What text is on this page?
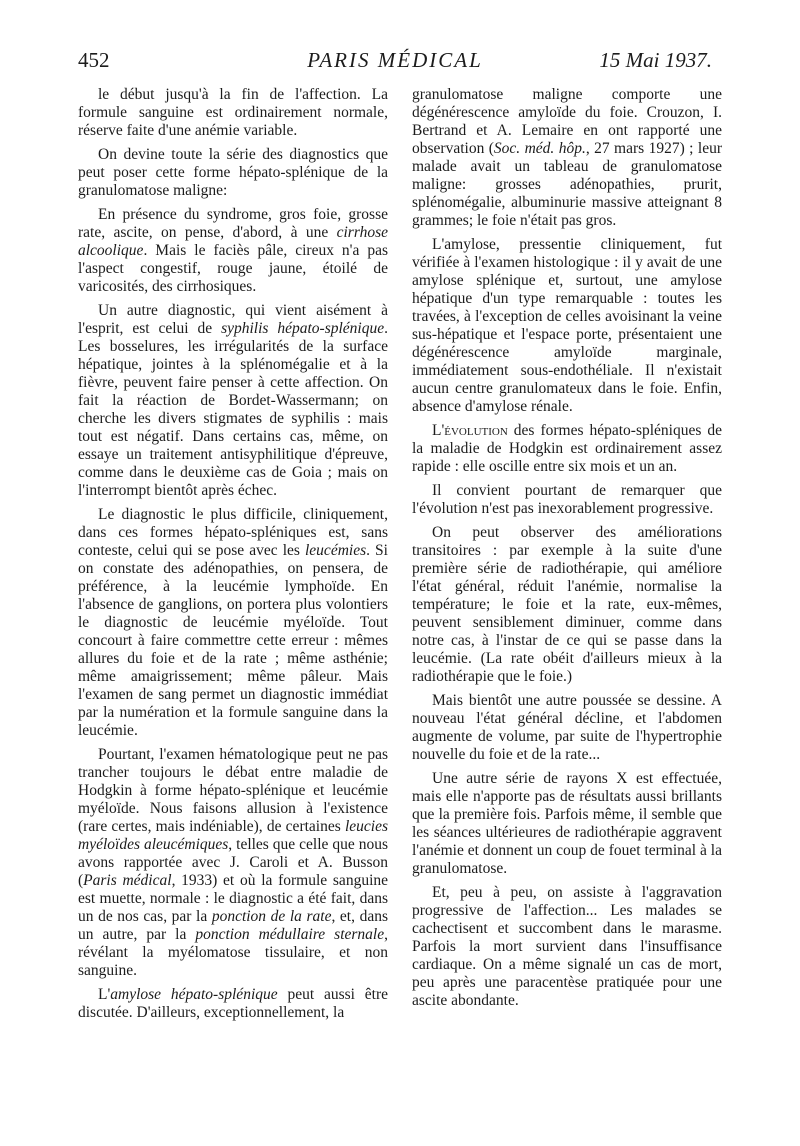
452	PARIS MÉDICAL	15 Mai 1937.

le début jusqu'à la fin de l'affection. La formule sanguine est ordinairement normale, réserve faite d'une anémie variable.

On devine toute la série des diagnostics que peut poser cette forme hépato-splénique de la granulomatose maligne:

En présence du syndrome, gros foie, grosse rate, ascite, on pense, d'abord, à une cirrhose alcoolique. Mais le faciès pâle, cireux n'a pas l'aspect congestif, rouge jaune, étoilé de varicosités, des cirrhosiques.

Un autre diagnostic, qui vient aisément à l'esprit, est celui de syphilis hépato-splénique. Les bosselures, les irrégularités de la surface hépatique, jointes à la splénomégalie et à la fièvre, peuvent faire penser à cette affection. On fait la réaction de Bordet-Wassermann; on cherche les divers stigmates de syphilis : mais tout est négatif. Dans certains cas, même, on essaye un traitement antisyphilitique d'épreuve, comme dans le deuxième cas de Goia ; mais on l'interrompt bientôt après échec.

Le diagnostic le plus difficile, cliniquement, dans ces formes hépato-spléniques est, sans conteste, celui qui se pose avec les leucémies. Si on constate des adénopathies, on pensera, de préférence, à la leucémie lymphoïde. En l'absence de ganglions, on portera plus volontiers le diagnostic de leucémie myéloïde. Tout concourt à faire commettre cette erreur : mêmes allures du foie et de la rate ; même asthénie; même amaigrissement; même pâleur. Mais l'examen de sang permet un diagnostic immédiat par la numération et la formule sanguine dans la leucémie.

Pourtant, l'examen hématologique peut ne pas trancher toujours le débat entre maladie de Hodgkin à forme hépato-splénique et leucémie myéloïde. Nous faisons allusion à l'existence (rare certes, mais indéniable), de certaines leucies myéloïdes aleucémiques, telles que celle que nous avons rapportée avec J. Caroli et A. Busson (Paris médical, 1933) et où la formule sanguine est muette, normale : le diagnostic a été fait, dans un de nos cas, par la ponction de la rate, et, dans un autre, par la ponction médullaire sternale, révélant la myélomatose tissulaire, et non sanguine.

L'amylose hépato-splénique peut aussi être discutée. D'ailleurs, exceptionnellement, la

granulomatose maligne comporte une dégénérescence amyloïde du foie. Crouzon, I. Bertrand et A. Lemaire en ont rapporté une observation (Soc. méd. hôp., 27 mars 1927) ; leur malade avait un tableau de granulomatose maligne: grosses adénopathies, prurit, splénomégalie, albuminurie massive atteignant 8 grammes; le foie n'était pas gros.

L'amylose, pressentie cliniquement, fut vérifiée à l'examen histologique : il y avait de une amylose splénique et, surtout, une amylose hépatique d'un type remarquable : toutes les travées, à l'exception de celles avoisinant la veine sus-hépatique et l'espace porte, présentaient une dégénérescence amyloïde marginale, immédiatement sous-endothéliale. Il n'existait aucun centre granulomateux dans le foie. Enfin, absence d'amylose rénale.

L'évolution des formes hépato-spléniques de la maladie de Hodgkin est ordinairement assez rapide : elle oscille entre six mois et un an.

Il convient pourtant de remarquer que l'évolution n'est pas inexorablement progressive.

On peut observer des améliorations transitoires : par exemple à la suite d'une première série de radiothérapie, qui améliore l'état général, réduit l'anémie, normalise la température; le foie et la rate, eux-mêmes, peuvent sensiblement diminuer, comme dans notre cas, à l'instar de ce qui se passe dans la leucémie. (La rate obéit d'ailleurs mieux à la radiothérapie que le foie.)

Mais bientôt une autre poussée se dessine. A nouveau l'état général décline, et l'abdomen augmente de volume, par suite de l'hypertrophie nouvelle du foie et de la rate...

Une autre série de rayons X est effectuée, mais elle n'apporte pas de résultats aussi brillants que la première fois. Parfois même, il semble que les séances ultérieures de radiothérapie aggravent l'anémie et donnent un coup de fouet terminal à la granulomatose.

Et, peu à peu, on assiste à l'aggravation progressive de l'affection... Les malades se cachectisent et succombent dans le marasme. Parfois la mort survient dans l'insuffisance cardiaque. On a même signalé un cas de mort, peu après une paracentèse pratiquée pour une ascite abondante.
